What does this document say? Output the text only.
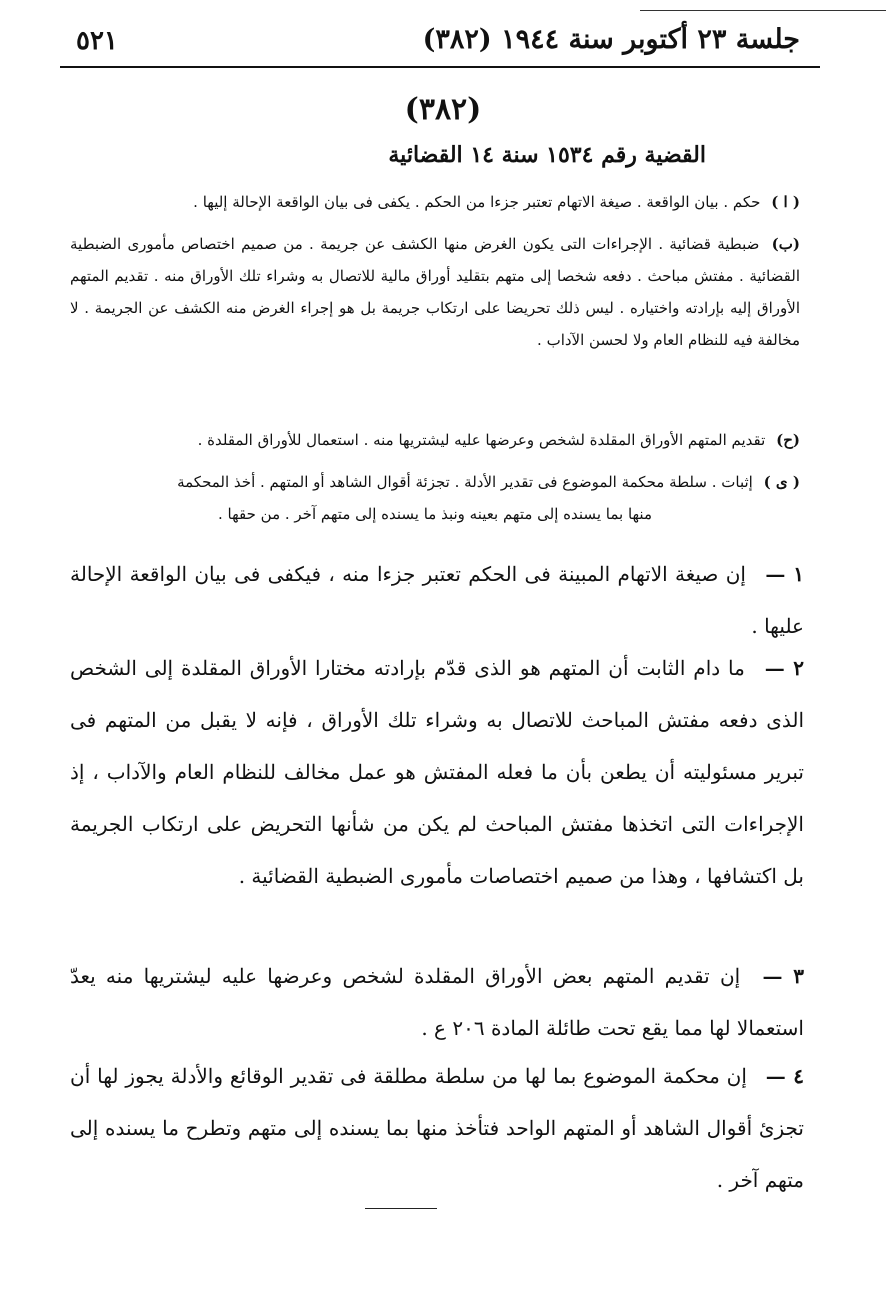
٥٢١	جلسة ٢٣ أكتوبر سنة ١٩٤٤ (٣٨٢)
(٣٨٢)
القضية رقم ١٥٣٤ سنة ١٤ القضائية
( ا ) حكم . بيان الواقعة . صيغة الاتهام تعتبر جزءا من الحكم . يكفى فى بيان الواقعة الإحالة إليها .
(ب) ضبطية قضائية . الإجراءات التى يكون الغرض منها الكشف عن جريمة . من صميم اختصاص مأمورى الضبطية القضائية . مفتش مباحث . دفعه شخصا إلى متهم بتقليد أوراق مالية للاتصال به وشراء تلك الأوراق منه . تقديم المتهم الأوراق إليه بإرادته واختياره . ليس ذلك تحريضا على ارتكاب جريمة بل هو إجراء الغرض منه الكشف عن الجريمة . لا مخالفة فيه للنظام العام ولا لحسن الآداب .
(ح) تقديم المتهم الأوراق المقلدة لشخص وعرضها عليه ليشتريها منه . استعمال للأوراق المقلدة .
( ى ) إثبات . سلطة محكمة الموضوع فى تقدير الأدلة . تجزئة أقوال الشاهد أو المتهم . أخذ المحكمة
منها بما يسنده إلى متهم بعينه ونبذ ما يسنده إلى متهم آخر . من حقها .
١ — إن صيغة الاتهام المبينة فى الحكم تعتبر جزءا منه ، فيكفى فى بيان الواقعة الإحالة عليها .
٢ — ما دام الثابت أن المتهم هو الذى قدّم بإرادته مختارا الأوراق المقلدة إلى الشخص الذى دفعه مفتش المباحث للاتصال به وشراء تلك الأوراق ، فإنه لا يقبل من المتهم فى تبرير مسئوليته أن يطعن بأن ما فعله المفتش هو عمل مخالف للنظام العام والآداب ، إذ الإجراءات التى اتخذها مفتش المباحث لم يكن من شأنها التحريض على ارتكاب الجريمة بل اكتشافها ، وهذا من صميم اختصاصات مأمورى الضبطية القضائية .
٣ — إن تقديم المتهم بعض الأوراق المقلدة لشخص وعرضها عليه ليشتريها منه يعدّ استعمالا لها مما يقع تحت طائلة المادة ٢٠٦ ع .
٤ — إن محكمة الموضوع بما لها من سلطة مطلقة فى تقدير الوقائع والأدلة يجوز لها أن تجزئ أقوال الشاهد أو المتهم الواحد فتأخذ منها بما يسنده إلى متهم وتطرح ما يسنده إلى متهم آخر .
